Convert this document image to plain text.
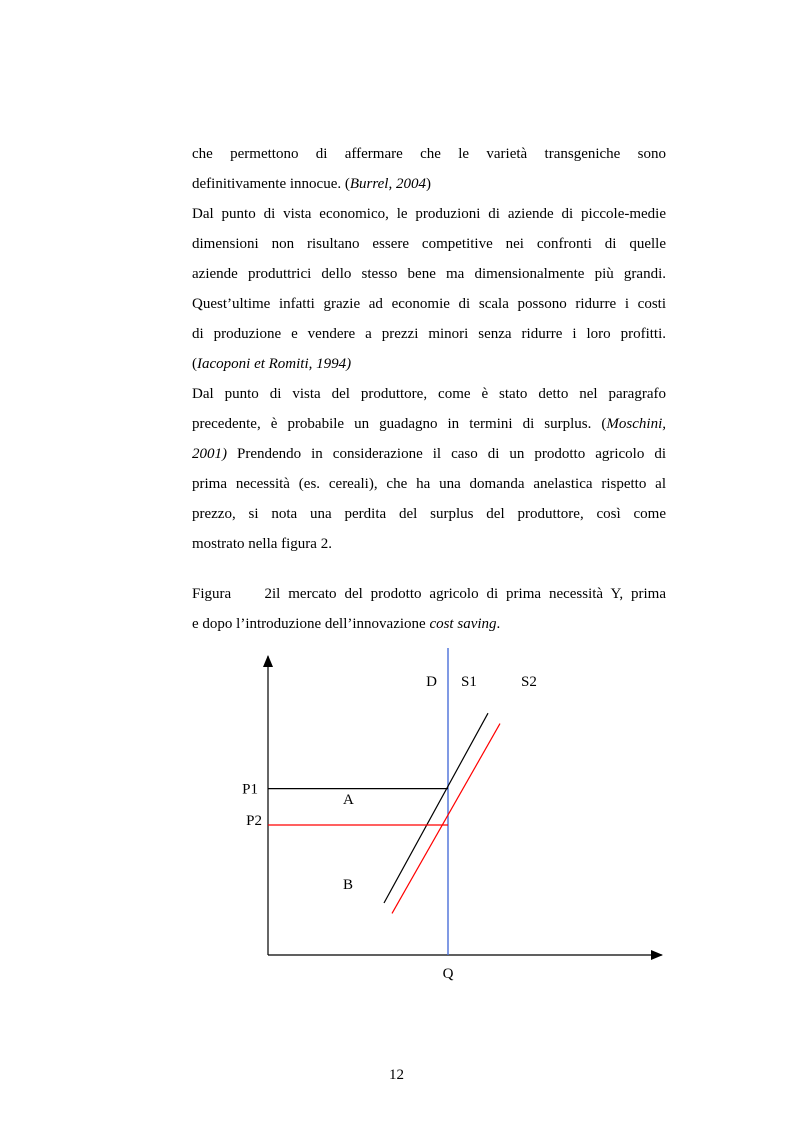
che permettono di affermare che le varietà transgeniche sono
definitivamente innocue. (Burrel, 2004)
Dal punto di vista economico, le produzioni di aziende di piccole-medie
dimensioni non risultano essere competitive nei confronti di quelle
aziende produttrici dello stesso bene ma dimensionalmente più grandi.
Quest’ultime infatti grazie ad economie di scala possono ridurre i costi
di produzione e vendere a prezzi minori senza ridurre i loro profitti.
(Iacoponi et Romiti, 1994)
Dal punto di vista del produttore, come è stato detto nel paragrafo
precedente, è probabile un guadagno in termini di surplus. (Moschini,
2001) Prendendo in considerazione il caso di un prodotto agricolo di
prima necessità (es. cereali), che ha una domanda anelastica rispetto al
prezzo, si nota una perdita del surplus del produttore, così come
mostrato nella figura 2.
Figura 2il mercato del prodotto agricolo di prima necessità Y, prima
e dopo l’introduzione dell’innovazione cost saving.
D S1	S2
P1
P2
A
B
Q
12
